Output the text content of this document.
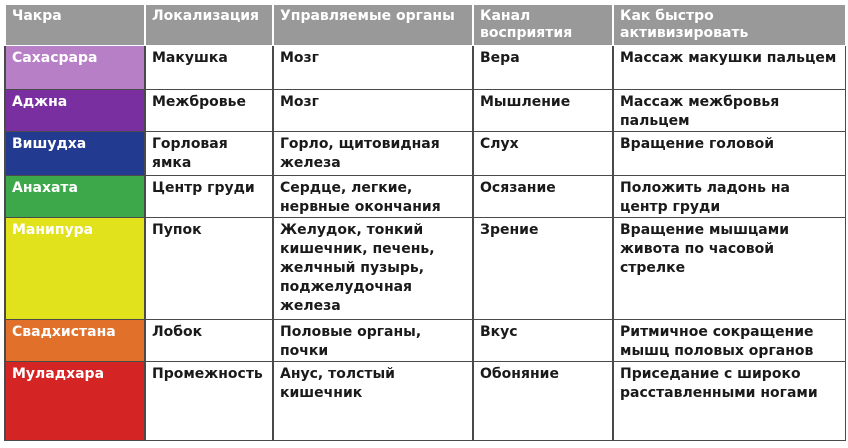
Чакра	Локализация	Управляемые органы	Канал восприятия	Как быстро активизировать
Сахасрара	Макушка	Мозг	Вера	Массаж макушки пальцем
Аджна	Межбровье	Мозг	Мышление	Массаж межбровья пальцем
Вишудха	Горловая ямка	Горло, щитовидная железа	Слух	Вращение головой
Анахата	Центр груди	Сердце, легкие, нервные окончания	Осязание	Положить ладонь на центр груди
Манипура	Пупок	Желудок, тонкий кишечник, печень, желчный пузырь, поджелудочная железа	Зрение	Вращение мышцами живота по часовой стрелке
Свадхистана	Лобок	Половые органы, почки	Вкус	Ритмичное сокращение мышц половых органов
Муладхара	Промежность	Анус, толстый кишечник	Обоняние	Приседание с широко расставленными ногами
